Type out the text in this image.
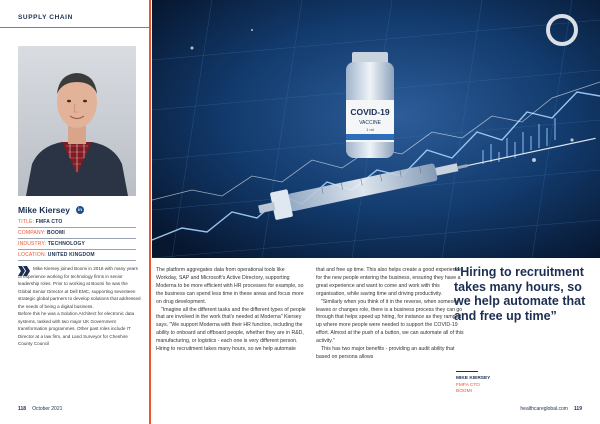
SUPPLY CHAIN
Mike Kiersey	in
TITLE: FMFA CTO
COMPANY: BOOMI
INDUSTRY: TECHNOLOGY
LOCATION: UNITED KINGDOM

Mike Kiersey joined Boomi in 2018 with many years of experience working for technology firms in senior leadership roles. Prior to working at Boomi he was the Global Senior Director at Dell EMC, supporting seventeen strategic global partners to develop solutions that addressed the needs of being a digital business.

Before this he was a Solution Architect for electronic data systems, tasked with two major UK Government transformation programmes. Other past roles include IT Director at a law firm, and Land Surveyor for Cheshire County Council

118 October 2021
COVID-19
VACCINE
1 ml

The platform aggregates data from operational tools like Workday, SAP and Microsoft's Active Directory, supporting Moderna to be more efficient with HR processes for example, so the business can spend less time in these areas and focus more on drug development.

"Imagine all the different tasks and the different types of people that are involved in the work that's needed at Moderna" Kiersey says. "We support Moderna with their HR function, including the ability to onboard and offboard people, whether they are in R&D, manufacturing, or logistics - each one is very different person. Hiring to recruitment takes many hours, so we help automate

that and free up time. This also helps create a good experience for the new people entering the business, ensuring they have a great experience and want to come and work with this organisation, while saving time and driving productivity.

"Similarly when you think of it in the reverse, when someone leaves or changes role, there is a business process they can go through that helps speed up hiring, for instance as they ramped up where more people were needed to support the COVID-19 effort. Almost at the push of a button, we can automate all of this activity."

This has two major benefits - providing an audit ability that based on persona allows

“Hiring to recruitment takes many hours, so we help automate that and free up time”
MIKE KIERSEY
FMFA CTO
BOOMI
healthcareglobal.com 119
